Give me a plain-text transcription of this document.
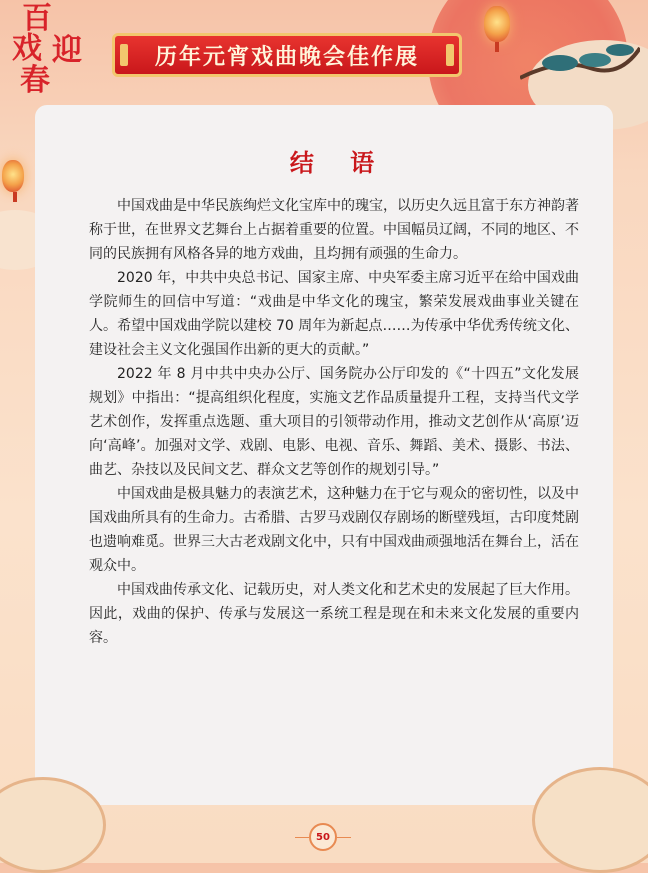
百
戏 迎
春
历年元宵戏曲晚会佳作展
结 语

中国戏曲是中华民族绚烂文化宝库中的瑰宝，以历史久远且富于东方神韵著称于世，在世界文艺舞台上占据着重要的位置。中国幅员辽阔，不同的地区、不同的民族拥有风格各异的地方戏曲，且均拥有顽强的生命力。

2020 年，中共中央总书记、国家主席、中央军委主席习近平在给中国戏曲学院师生的回信中写道：“戏曲是中华文化的瑰宝，繁荣发展戏曲事业关键在人。希望中国戏曲学院以建校 70 周年为新起点……为传承中华优秀传统文化、建设社会主义文化强国作出新的更大的贡献。”

2022 年 8 月中共中央办公厅、国务院办公厅印发的《“十四五”文化发展规划》中指出：“提高组织化程度，实施文艺作品质量提升工程，支持当代文学艺术创作，发挥重点选题、重大项目的引领带动作用，推动文艺创作从‘高原’迈向‘高峰’。加强对文学、戏剧、电影、电视、音乐、舞蹈、美术、摄影、书法、曲艺、杂技以及民间文艺、群众文艺等创作的规划引导。”

中国戏曲是极具魅力的表演艺术，这种魅力在于它与观众的密切性，以及中国戏曲所具有的生命力。古希腊、古罗马戏剧仅存剧场的断壁残垣，古印度梵剧也遗响难觅。世界三大古老戏剧文化中，只有中国戏曲顽强地活在舞台上，活在观众中。

中国戏曲传承文化、记载历史，对人类文化和艺术史的发展起了巨大作用。因此，戏曲的保护、传承与发展这一系统工程是现在和未来文化发展的重要内容。

50
